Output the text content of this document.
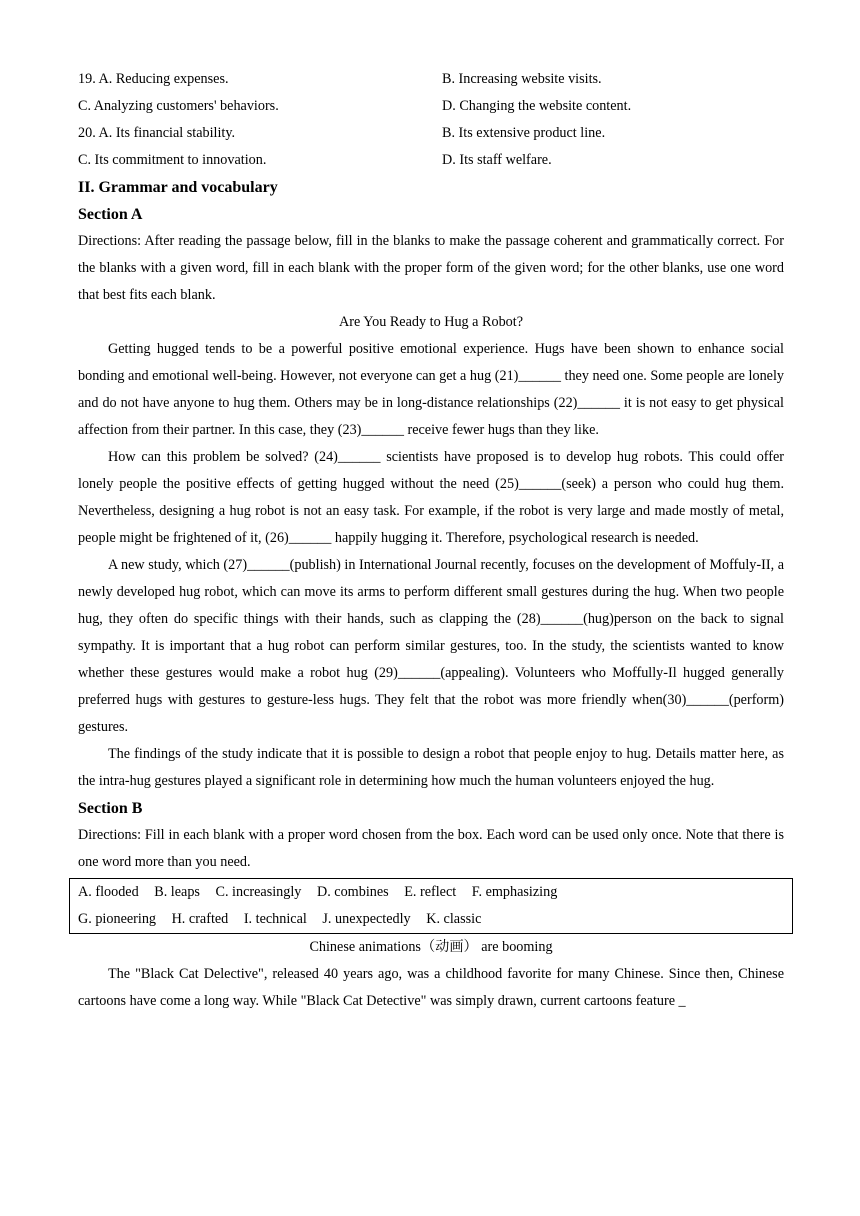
19. A. Reducing expenses.	B. Increasing website visits.
C. Analyzing customers' behaviors.	D. Changing the website content.
20. A. Its financial stability.	B. Its extensive product line.
C. Its commitment to innovation.	D. Its staff welfare.
II. Grammar and vocabulary
Section A
Directions: After reading the passage below, fill in the blanks to make the passage coherent and grammatically correct. For the blanks with a given word, fill in each blank with the proper form of the given word; for the other blanks, use one word that best fits each blank.
Are You Ready to Hug a Robot?
Getting hugged tends to be a powerful positive emotional experience. Hugs have been shown to enhance social bonding and emotional well-being. However, not everyone can get a hug (21)______ they need one. Some people are lonely and do not have anyone to hug them. Others may be in long-distance relationships (22)______ it is not easy to get physical affection from their partner. In this case, they (23)______ receive fewer hugs than they like.
How can this problem be solved? (24)______ scientists have proposed is to develop hug robots. This could offer lonely people the positive effects of getting hugged without the need (25)______(seek) a person who could hug them. Nevertheless, designing a hug robot is not an easy task. For example, if the robot is very large and made mostly of metal, people might be frightened of it, (26)______ happily hugging it. Therefore, psychological research is needed.
A new study, which (27)______(publish) in International Journal recently, focuses on the development of Moffuly-II, a newly developed hug robot, which can move its arms to perform different small gestures during the hug. When two people hug, they often do specific things with their hands, such as clapping the (28)______(hug)person on the back to signal sympathy. It is important that a hug robot can perform similar gestures, too. In the study, the scientists wanted to know whether these gestures would make a robot hug (29)______(appealing). Volunteers who Moffully-Il hugged generally preferred hugs with gestures to gesture-less hugs. They felt that the robot was more friendly when(30)______(perform) gestures.
The findings of the study indicate that it is possible to design a robot that people enjoy to hug. Details matter here, as the intra-hug gestures played a significant role in determining how much the human volunteers enjoyed the hug.
Section B
Directions: Fill in each blank with a proper word chosen from the box. Each word can be used only once. Note that there is one word more than you need.
A. flooded B. leaps C. increasingly D. combines E. reflect F. emphasizing
G. pioneering H. crafted I. technical J. unexpectedly K. classic
Chinese animations（动画） are booming
The "Black Cat Delective", released 40 years ago, was a childhood favorite for many Chinese. Since then, Chinese cartoons have come a long way. While "Black Cat Detective" was simply drawn, current cartoons feature _
